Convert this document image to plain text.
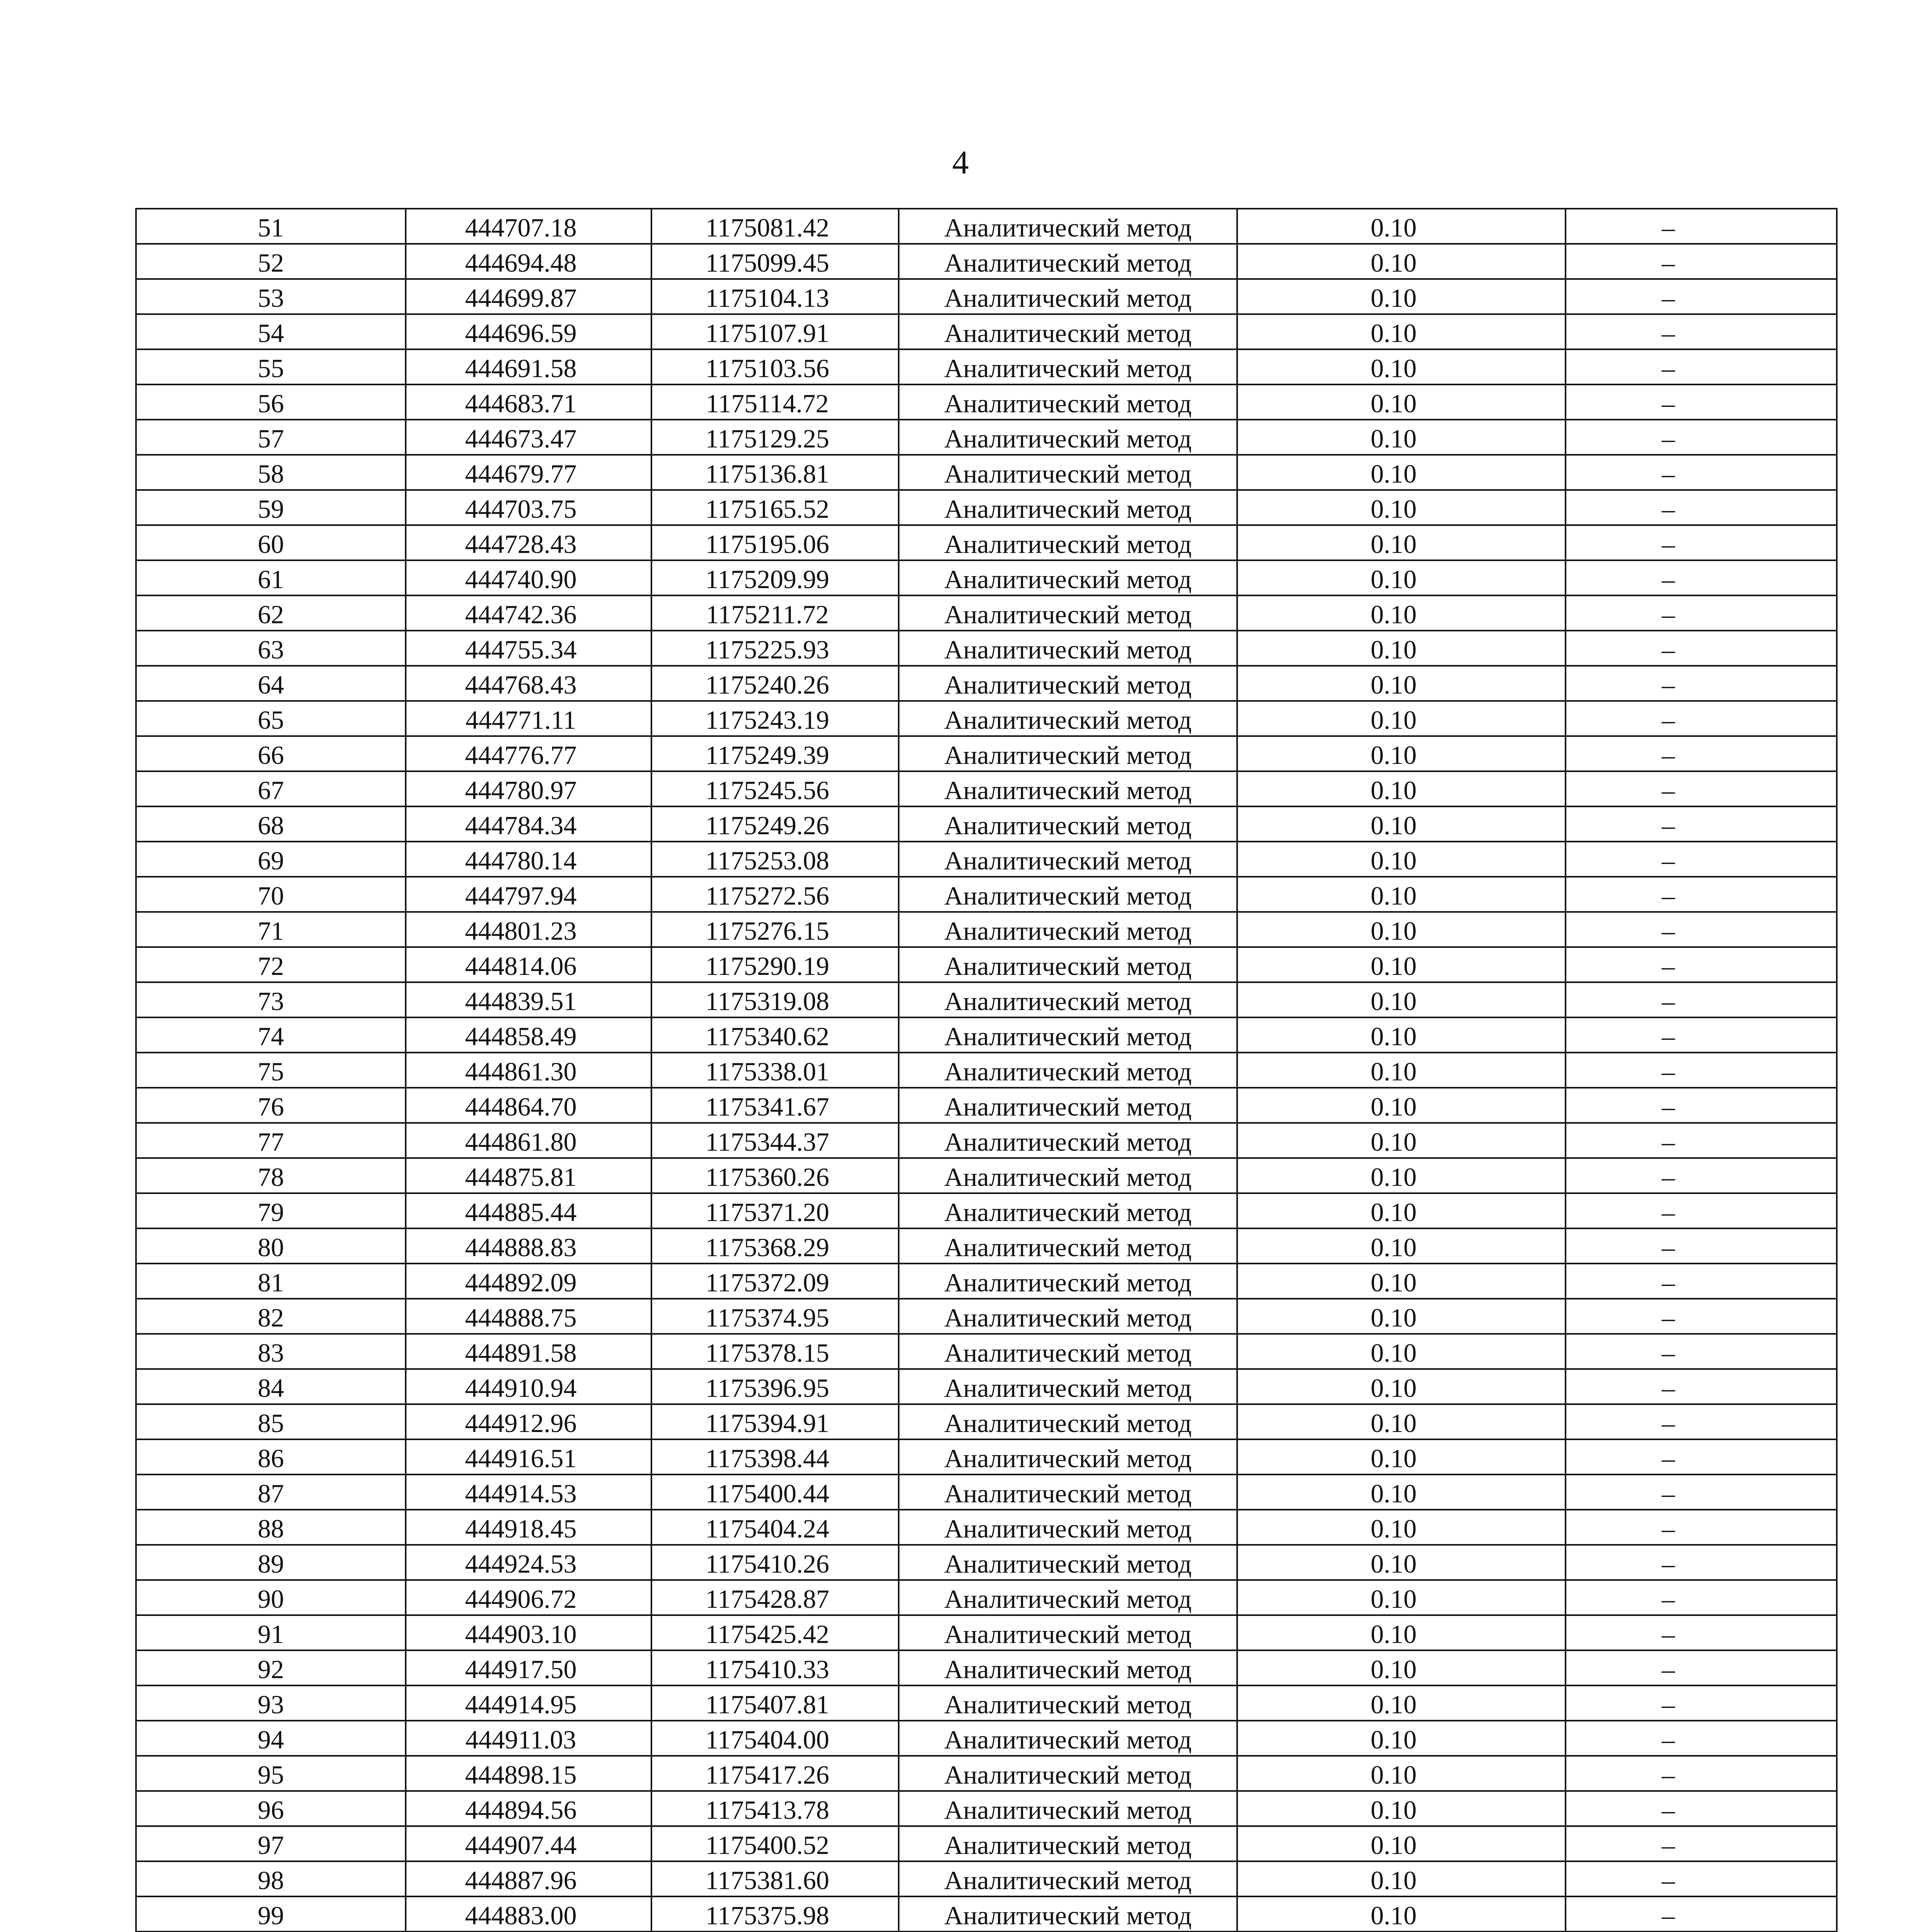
4
51	444707.18	1175081.42	Аналитический метод	0.10	–
52	444694.48	1175099.45	Аналитический метод	0.10	–
53	444699.87	1175104.13	Аналитический метод	0.10	–
54	444696.59	1175107.91	Аналитический метод	0.10	–
55	444691.58	1175103.56	Аналитический метод	0.10	–
56	444683.71	1175114.72	Аналитический метод	0.10	–
57	444673.47	1175129.25	Аналитический метод	0.10	–
58	444679.77	1175136.81	Аналитический метод	0.10	–
59	444703.75	1175165.52	Аналитический метод	0.10	–
60	444728.43	1175195.06	Аналитический метод	0.10	–
61	444740.90	1175209.99	Аналитический метод	0.10	–
62	444742.36	1175211.72	Аналитический метод	0.10	–
63	444755.34	1175225.93	Аналитический метод	0.10	–
64	444768.43	1175240.26	Аналитический метод	0.10	–
65	444771.11	1175243.19	Аналитический метод	0.10	–
66	444776.77	1175249.39	Аналитический метод	0.10	–
67	444780.97	1175245.56	Аналитический метод	0.10	–
68	444784.34	1175249.26	Аналитический метод	0.10	–
69	444780.14	1175253.08	Аналитический метод	0.10	–
70	444797.94	1175272.56	Аналитический метод	0.10	–
71	444801.23	1175276.15	Аналитический метод	0.10	–
72	444814.06	1175290.19	Аналитический метод	0.10	–
73	444839.51	1175319.08	Аналитический метод	0.10	–
74	444858.49	1175340.62	Аналитический метод	0.10	–
75	444861.30	1175338.01	Аналитический метод	0.10	–
76	444864.70	1175341.67	Аналитический метод	0.10	–
77	444861.80	1175344.37	Аналитический метод	0.10	–
78	444875.81	1175360.26	Аналитический метод	0.10	–
79	444885.44	1175371.20	Аналитический метод	0.10	–
80	444888.83	1175368.29	Аналитический метод	0.10	–
81	444892.09	1175372.09	Аналитический метод	0.10	–
82	444888.75	1175374.95	Аналитический метод	0.10	–
83	444891.58	1175378.15	Аналитический метод	0.10	–
84	444910.94	1175396.95	Аналитический метод	0.10	–
85	444912.96	1175394.91	Аналитический метод	0.10	–
86	444916.51	1175398.44	Аналитический метод	0.10	–
87	444914.53	1175400.44	Аналитический метод	0.10	–
88	444918.45	1175404.24	Аналитический метод	0.10	–
89	444924.53	1175410.26	Аналитический метод	0.10	–
90	444906.72	1175428.87	Аналитический метод	0.10	–
91	444903.10	1175425.42	Аналитический метод	0.10	–
92	444917.50	1175410.33	Аналитический метод	0.10	–
93	444914.95	1175407.81	Аналитический метод	0.10	–
94	444911.03	1175404.00	Аналитический метод	0.10	–
95	444898.15	1175417.26	Аналитический метод	0.10	–
96	444894.56	1175413.78	Аналитический метод	0.10	–
97	444907.44	1175400.52	Аналитический метод	0.10	–
98	444887.96	1175381.60	Аналитический метод	0.10	–
99	444883.00	1175375.98	Аналитический метод	0.10	–
